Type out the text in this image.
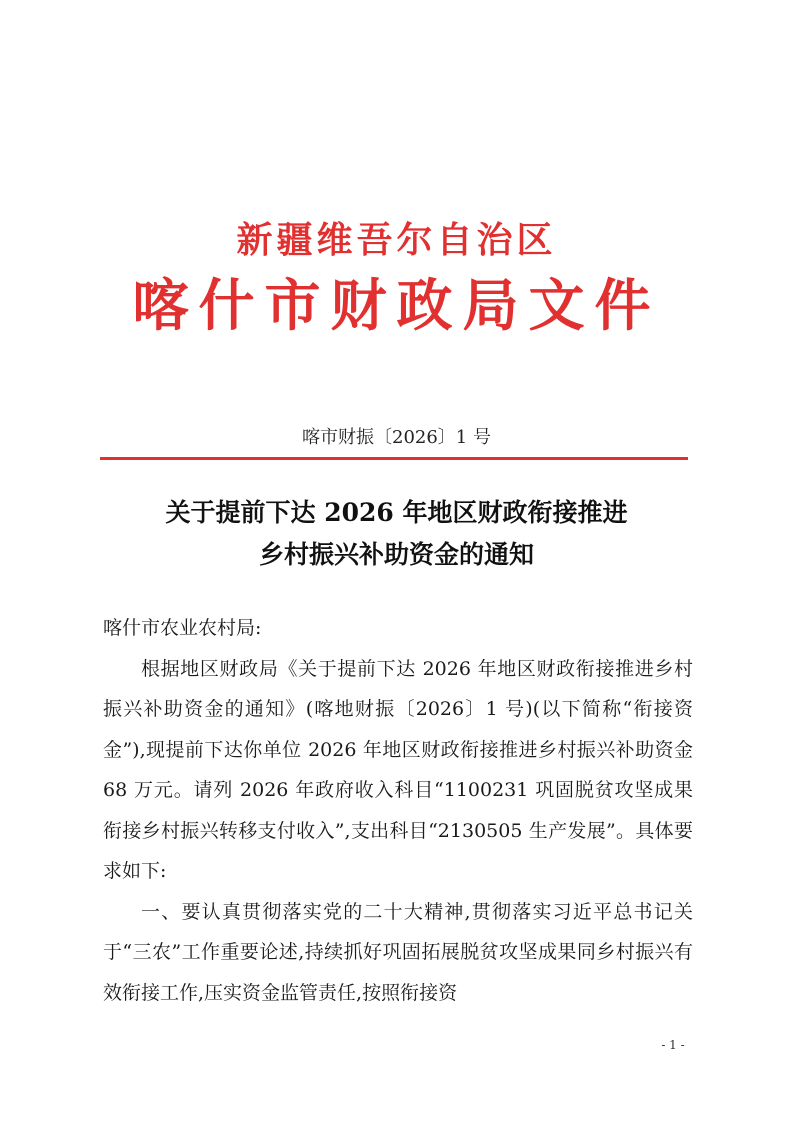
新疆维吾尔自治区
喀什市财政局文件
喀市财振〔2026〕1 号
关于提前下达 2026 年地区财政衔接推进
乡村振兴补助资金的通知

喀什市农业农村局:

根据地区财政局《关于提前下达 2026 年地区财政衔接推进乡村振兴补助资金的通知》(喀地财振〔2026〕1 号)(以下简称“衔接资金”),现提前下达你单位 2026 年地区财政衔接推进乡村振兴补助资金 68 万元。请列 2026 年政府收入科目“1100231 巩固脱贫攻坚成果衔接乡村振兴转移支付收入”,支出科目“2130505 生产发展”。具体要求如下:

一、要认真贯彻落实党的二十大精神,贯彻落实习近平总书记关于“三农”工作重要论述,持续抓好巩固拓展脱贫攻坚成果同乡村振兴有效衔接工作,压实资金监管责任,按照衔接资

- 1 -
